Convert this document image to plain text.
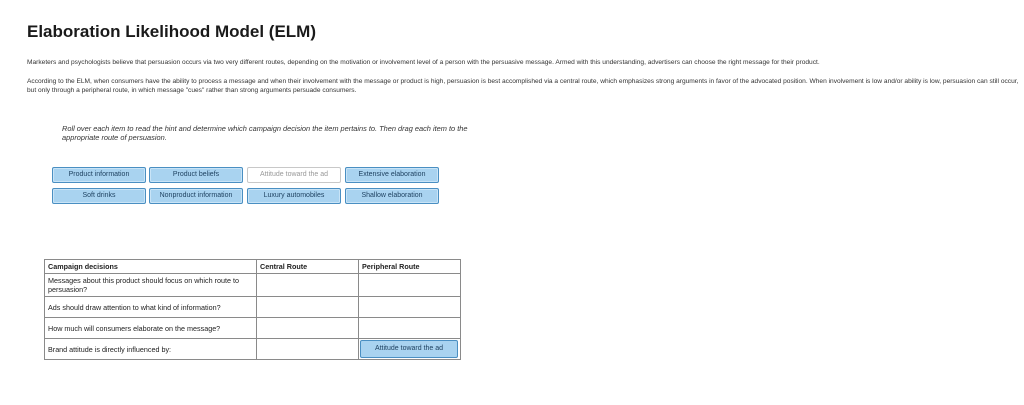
Elaboration Likelihood Model (ELM)
Marketers and psychologists believe that persuasion occurs via two very different routes, depending on the motivation or involvement level of a person with the persuasive message. Armed with this understanding, advertisers can choose the right message for their product.
According to the ELM, when consumers have the ability to process a message and when their involvement with the message or product is high, persuasion is best accomplished via a central route, which emphasizes strong arguments in favor of the advocated position. When involvement is low and/or ability is low, persuasion can still occur, but only through a peripheral route, in which message "cues" rather than strong arguments persuade consumers.
Roll over each item to read the hint and determine which campaign decision the item pertains to. Then drag each item to the appropriate route of persuasion.
Product information	Product beliefs	Attitude toward the ad	Extensive elaboration
Soft drinks	Nonproduct information	Luxury automobiles	Shallow elaboration
Campaign decisions	Central Route	Peripheral Route
Messages about this product should focus on which route to persuasion?		
Ads should draw attention to what kind of information?		
How much will consumers elaborate on the message?		
Brand attitude is directly influenced by:		Attitude toward the ad
